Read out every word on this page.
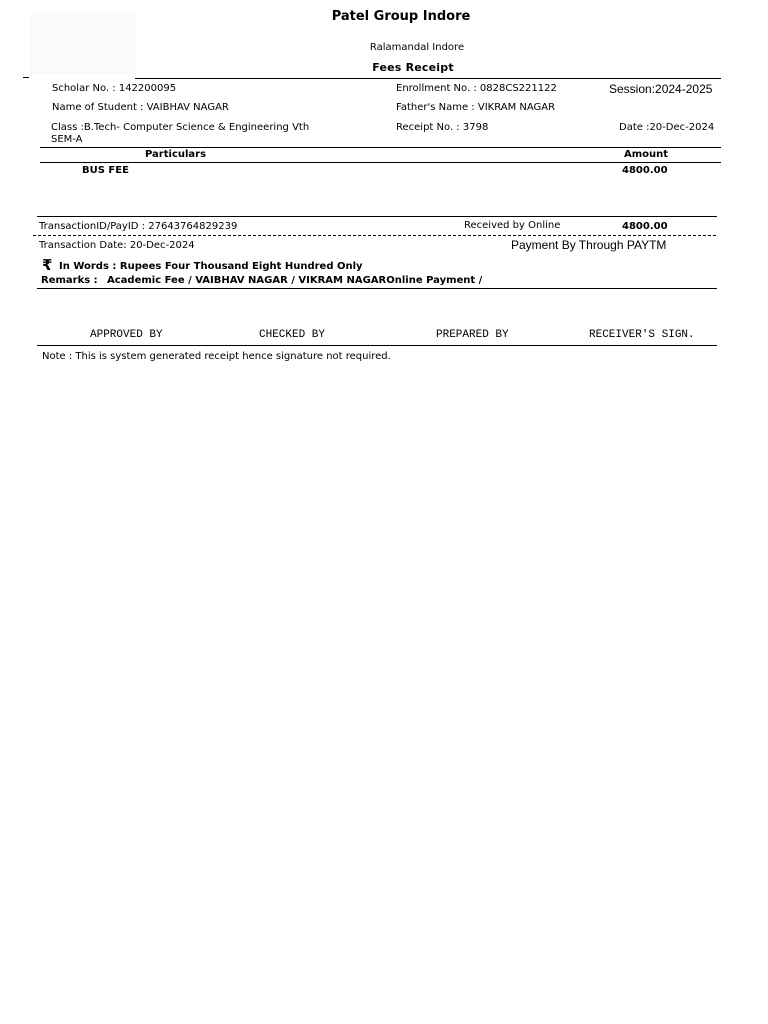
Patel Group Indore
Ralamandal Indore
Fees Receipt
Scholar No. : 142200095	Enrollment No. : 0828CS221122	Session:2024-2025
Name of Student : VAIBHAV NAGAR	Father's Name : VIKRAM NAGAR
Class :B.Tech- Computer Science & Engineering Vth
SEM-A
Receipt No. : 3798	Date :20-Dec-2024
Particulars	Amount
BUS FEE	4800.00
TransactionID/PayID : 27643764829239	Received by Online	4800.00
Transaction Date: 20-Dec-2024	Payment By Through PAYTM
₹ In Words : Rupees Four Thousand Eight Hundred Only
Remarks : Academic Fee / VAIBHAV NAGAR / VIKRAM NAGAROnline Payment /
APPROVED BY	CHECKED BY	PREPARED BY	RECEIVER'S SIGN.
Note : This is system generated receipt hence signature not required.
